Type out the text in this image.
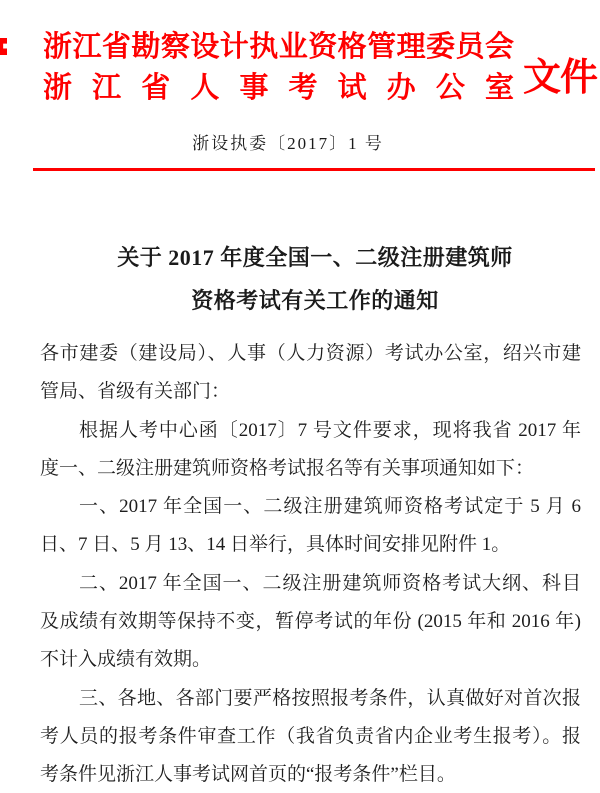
浙江省勘察设计执业资格管理委员会
浙江省人事考试办公室 文件
浙设执委〔2017〕1 号
关于 2017 年度全国一、二级注册建筑师
资格考试有关工作的通知
各市建委（建设局）、人事（人力资源）考试办公室，绍兴市建
管局、省级有关部门：
根据人考中心函〔2017〕7 号文件要求，现将我省 2017 年
度一、二级注册建筑师资格考试报名等有关事项通知如下：
一、2017 年全国一、二级注册建筑师资格考试定于 5 月 6
日、7 日、5 月 13、14 日举行，具体时间安排见附件 1。
二、2017 年全国一、二级注册建筑师资格考试大纲、科目
及成绩有效期等保持不变，暂停考试的年份 (2015 年和 2016 年)
不计入成绩有效期。
三、各地、各部门要严格按照报考条件，认真做好对首次报
考人员的报考条件审查工作（我省负责省内企业考生报考）。报
考条件见浙江人事考试网首页的“报考条件”栏目。
